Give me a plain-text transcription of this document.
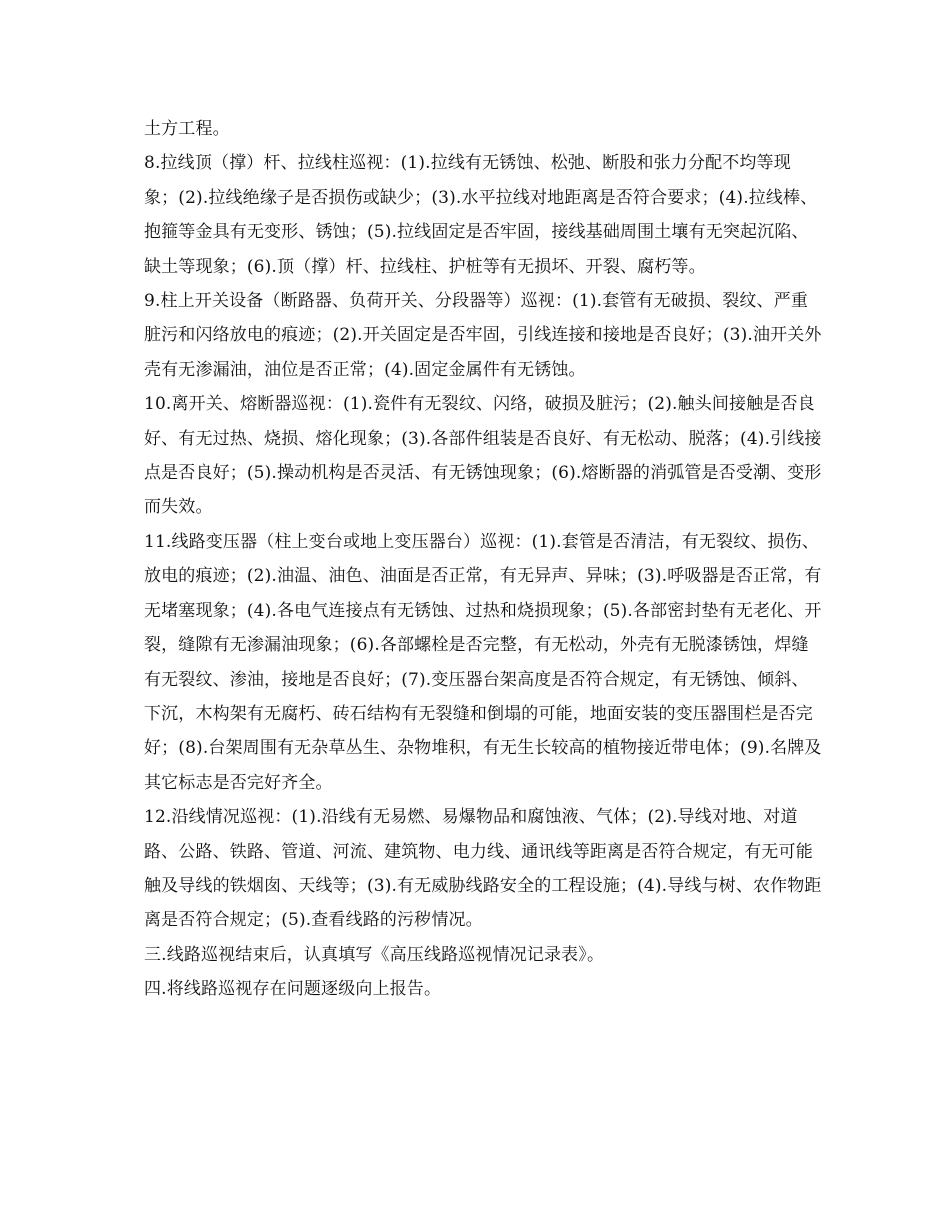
土方工程。

8.拉线顶（撑）杆、拉线柱巡视：(1).拉线有无锈蚀、松弛、断股和张力分配不均等现象；(2).拉线绝缘子是否损伤或缺少；(3).水平拉线对地距离是否符合要求；(4).拉线棒、抱箍等金具有无变形、锈蚀；(5).拉线固定是否牢固，接线基础周围土壤有无突起沉陷、缺土等现象；(6).顶（撑）杆、拉线柱、护桩等有无损坏、开裂、腐朽等。

9.柱上开关设备（断路器、负荷开关、分段器等）巡视：(1).套管有无破损、裂纹、严重脏污和闪络放电的痕迹；(2).开关固定是否牢固，引线连接和接地是否良好；(3).油开关外壳有无渗漏油，油位是否正常；(4).固定金属件有无锈蚀。

10.离开关、熔断器巡视：(1).瓷件有无裂纹、闪络，破损及脏污；(2).触头间接触是否良好、有无过热、烧损、熔化现象；(3).各部件组装是否良好、有无松动、脱落；(4).引线接点是否良好；(5).操动机构是否灵活、有无锈蚀现象；(6).熔断器的消弧管是否受潮、变形而失效。

11.线路变压器（柱上变台或地上变压器台）巡视：(1).套管是否清洁，有无裂纹、损伤、放电的痕迹；(2).油温、油色、油面是否正常，有无异声、异味；(3).呼吸器是否正常，有无堵塞现象；(4).各电气连接点有无锈蚀、过热和烧损现象；(5).各部密封垫有无老化、开裂，缝隙有无渗漏油现象；(6).各部螺栓是否完整，有无松动，外壳有无脱漆锈蚀，焊缝有无裂纹、渗油，接地是否良好；(7).变压器台架高度是否符合规定，有无锈蚀、倾斜、下沉，木构架有无腐朽、砖石结构有无裂缝和倒塌的可能，地面安装的变压器围栏是否完好；(8).台架周围有无杂草丛生、杂物堆积，有无生长较高的植物接近带电体；(9).名牌及其它标志是否完好齐全。

12.沿线情况巡视：(1).沿线有无易燃、易爆物品和腐蚀液、气体；(2).导线对地、对道路、公路、铁路、管道、河流、建筑物、电力线、通讯线等距离是否符合规定，有无可能触及导线的铁烟囱、天线等；(3).有无威胁线路安全的工程设施；(4).导线与树、农作物距离是否符合规定；(5).查看线路的污秽情况。

三.线路巡视结束后，认真填写《高压线路巡视情况记录表》。

四.将线路巡视存在问题逐级向上报告。
